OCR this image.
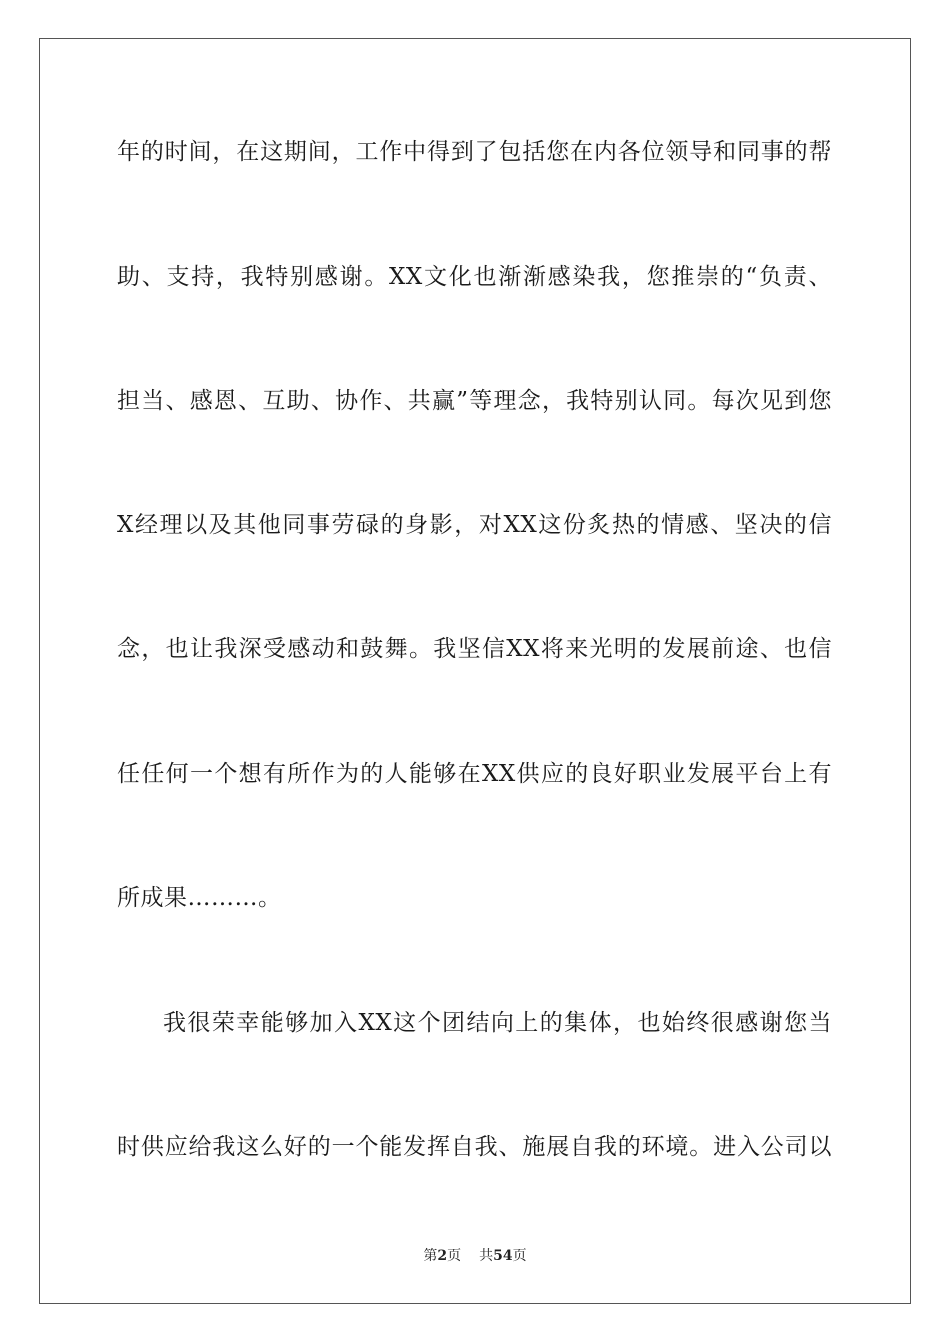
年的时间，在这期间，工作中得到了包括您在内各位领导和同事的帮
助、支持，我特别感谢。XX文化也渐渐感染我，您推崇的“负责、
担当、感恩、互助、协作、共赢”等理念，我特别认同。每次见到您
X经理以及其他同事劳碌的身影，对XX这份炙热的情感、坚决的信
念，也让我深受感动和鼓舞。我坚信XX将来光明的发展前途、也信
任任何一个想有所作为的人能够在XX供应的良好职业发展平台上有
所成果………。
我很荣幸能够加入XX这个团结向上的集体，也始终很感谢您当
时供应给我这么好的一个能发挥自我、施展自我的环境。进入公司以
第2页 共54页
